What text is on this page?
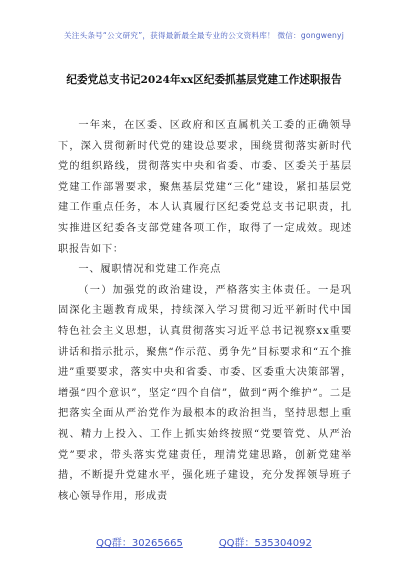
关注头条号“公文研究”，获得最新最全最专业的公文资料库！ 微信：gongwenyj
纪委党总支书记2024年xx区纪委抓基层党建工作述职报告

一年来，在区委、区政府和区直属机关工委的正确领导下，深入贯彻新时代党的建设总要求，围绕贯彻落实新时代党的组织路线，贯彻落实中央和省委、市委、区委关于基层党建工作部署要求，聚焦基层党建“三化”建设，紧扣基层党建工作重点任务，本人认真履行区纪委党总支书记职责，扎实推进区纪委各支部党建各项工作，取得了一定成效。现述职报告如下：

一、履职情况和党建工作亮点

（一）加强党的政治建设，严格落实主体责任。一是巩固深化主题教育成果，持续深入学习贯彻习近平新时代中国特色社会主义思想，认真贯彻落实习近平总书记视察xx重要讲话和指示批示，聚焦“作示范、勇争先”目标要求和“五个推进”重要要求，落实中央和省委、市委、区委重大决策部署，增强“四个意识”，坚定“四个自信”，做到“两个维护”。二是把落实全面从严治党作为最根本的政治担当，坚持思想上重视、精力上投入、工作上抓实始终按照“党要管党、从严治党”要求，带头落实党建责任，理清党建思路，创新党建举措，不断提升党建水平，强化班子建设，充分发挥领导班子核心领导作用，形成责

QQ群：30265665	QQ群：535304092
